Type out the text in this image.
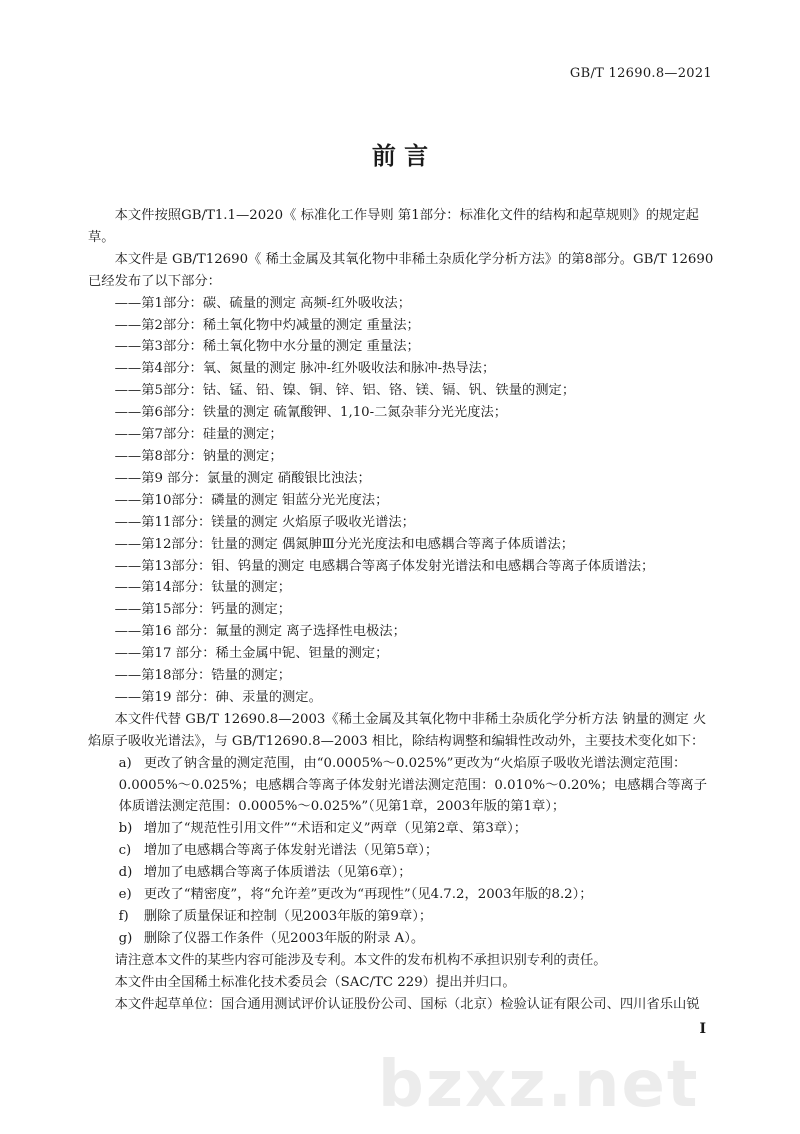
GB/T 12690.8—2021
前 言

本文件按照GB/T1.1—2020《 标准化工作导则 第1部分：标准化文件的结构和起草规则》的规定起草。

本文件是 GB/T12690《 稀土金属及其氧化物中非稀土杂质化学分析方法》的第8部分。GB/T 12690已经发布了以下部分：

——第1部分：碳、硫量的测定 高频-红外吸收法；

——第2部分：稀土氧化物中灼减量的测定 重量法；

——第3部分：稀土氧化物中水分量的测定 重量法；

——第4部分：氧、氮量的测定 脉冲-红外吸收法和脉冲-热导法；

——第5部分：钴、锰、铅、镍、铜、锌、铝、铬、镁、镉、钒、铁量的测定；

——第6部分：铁量的测定 硫氰酸钾、1,10-二氮杂菲分光光度法；

——第7部分：硅量的测定；

——第8部分：钠量的测定；

——第9 部分：氯量的测定 硝酸银比浊法；

——第10部分：磷量的测定 钼蓝分光光度法；

——第11部分：镁量的测定 火焰原子吸收光谱法；

——第12部分：钍量的测定 偶氮胂Ⅲ分光光度法和电感耦合等离子体质谱法；

——第13部分：钼、钨量的测定 电感耦合等离子体发射光谱法和电感耦合等离子体质谱法；

——第14部分：钛量的测定；

——第15部分：钙量的测定；

——第16 部分：氟量的测定 离子选择性电极法；

——第17 部分：稀土金属中铌、钽量的测定；

——第18部分：锆量的测定；

——第19 部分：砷、汞量的测定。

本文件代替 GB/T 12690.8—2003《稀土金属及其氧化物中非稀土杂质化学分析方法 钠量的测定 火焰原子吸收光谱法》，与 GB/T12690.8—2003 相比，除结构调整和编辑性改动外，主要技术变化如下：

a) 更改了钠含量的测定范围，由“0.0005%～0.025%”更改为“火焰原子吸收光谱法测定范围：0.0005%～0.025%；电感耦合等离子体发射光谱法测定范围：0.010%～0.20%；电感耦合等离子体质谱法测定范围：0.0005%～0.025%”（见第1章，2003年版的第1章）；

b) 增加了“规范性引用文件”“术语和定义”两章（见第2章、第3章）；

c) 增加了电感耦合等离子体发射光谱法（见第5章）；

d) 增加了电感耦合等离子体质谱法（见第6章）；

e) 更改了“精密度”，将“允许差”更改为“再现性”（见4.7.2，2003年版的8.2）；

f) 删除了质量保证和控制（见2003年版的第9章）；

g) 删除了仪器工作条件（见2003年版的附录 A）。

请注意本文件的某些内容可能涉及专利。本文件的发布机构不承担识别专利的责任。

本文件由全国稀土标准化技术委员会（SAC/TC 229）提出并归口。

本文件起草单位：国合通用测试评价认证股份公司、国标（北京）检验认证有限公司、四川省乐山锐

I
bzxz.net
